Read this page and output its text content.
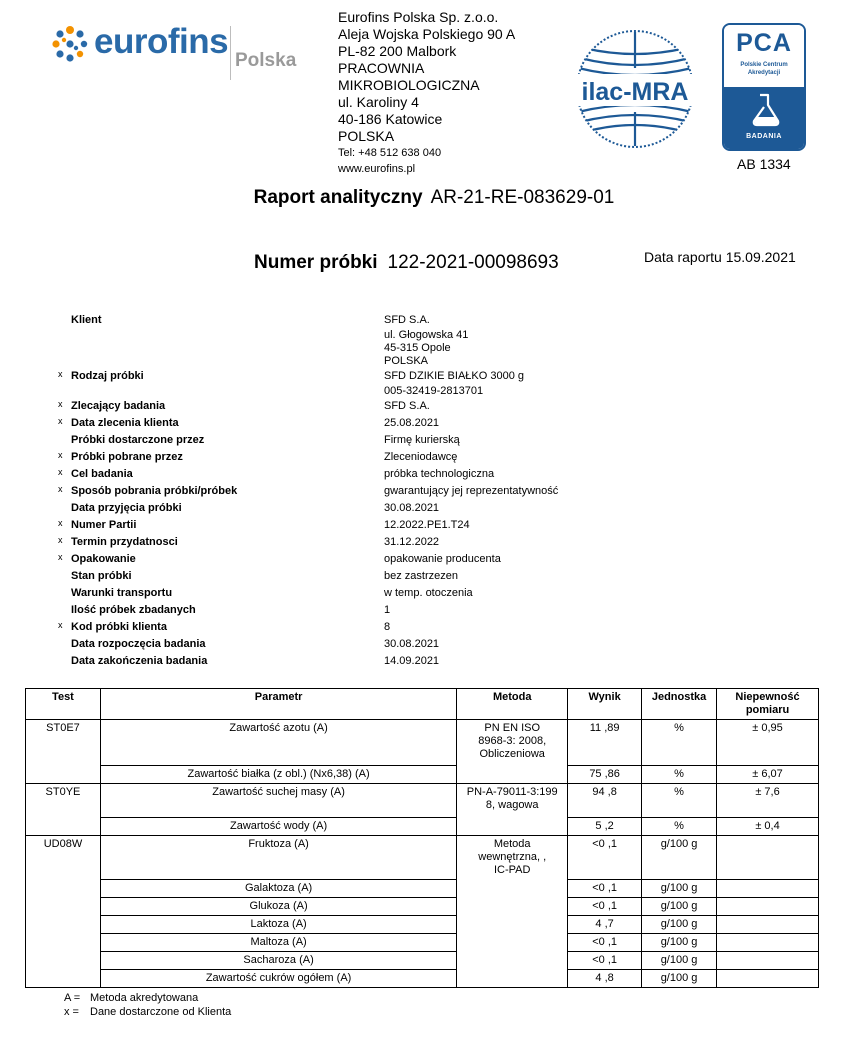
eurofins Polska
Eurofins Polska Sp. z.o.o.
Aleja Wojska Polskiego 90 A
PL-82 200 Malbork
PRACOWNIA
MIKROBIOLOGICZNA
ul. Karoliny 4
40-186 Katowice
POLSKA
Tel: +48 512 638 040
www.eurofins.pl
ilac-MRA
PCA
Polskie Centrum
Akredytacji
BADANIA
AB 1334
Raport analityczny AR-21-RE-083629-01
Numer próbki 122-2021-00098693	Data raportu 15.09.2021
Klient	SFD S.A.
ul. Głogowska 41
45-315 Opole
POLSKA
x Rodzaj próbki	SFD DZIKIE BIAŁKO 3000 g
005-32419-2813701
x Zlecający badania	SFD S.A.
x Data zlecenia klienta	25.08.2021
Próbki dostarczone przez	Firmę kurierską
x Próbki pobrane przez	Zleceniodawcę
x Cel badania	próbka technologiczna
x Sposób pobrania próbki/próbek	gwarantujący jej reprezentatywność
Data przyjęcia próbki	30.08.2021
x Numer Partii	12.2022.PE1.T24
x Termin przydatnosci	31.12.2022
x Opakowanie	opakowanie producenta
Stan próbki	bez zastrzezen
Warunki transportu	w temp. otoczenia
Ilość próbek zbadanych	1
x Kod próbki klienta	8
Data rozpoczęcia badania	30.08.2021
Data zakończenia badania	14.09.2021
Test	Parametr	Metoda	Wynik	Jednostka	Niepewność
pomiaru

ST0E7	Zawartość azotu (A)	PN EN ISO
8968-3: 2008,
Obliczeniowa	11 ,89	%	± 0,95
	Zawartość białka (z obl.) (Nx6,38) (A)		75 ,86	%	± 6,07
ST0YE	Zawartość suchej masy (A)	PN-A-79011-3:199
8, wagowa	94 ,8	%	± 7,6
	Zawartość wody (A)		5 ,2	%	± 0,4
UD08W	Fruktoza (A)	Metoda
wewnętrzna, ,
IC-PAD	<0 ,1	g/100 g	
	Galaktoza (A)		<0 ,1	g/100 g	
	Glukoza (A)		<0 ,1	g/100 g	
	Laktoza (A)		4 ,7	g/100 g	
	Maltoza (A)		<0 ,1	g/100 g	
	Sacharoza (A)		<0 ,1	g/100 g	
	Zawartość cukrów ogółem (A)		4 ,8	g/100 g	
A = Metoda akredytowana
x =	Dane dostarczone od Klienta
